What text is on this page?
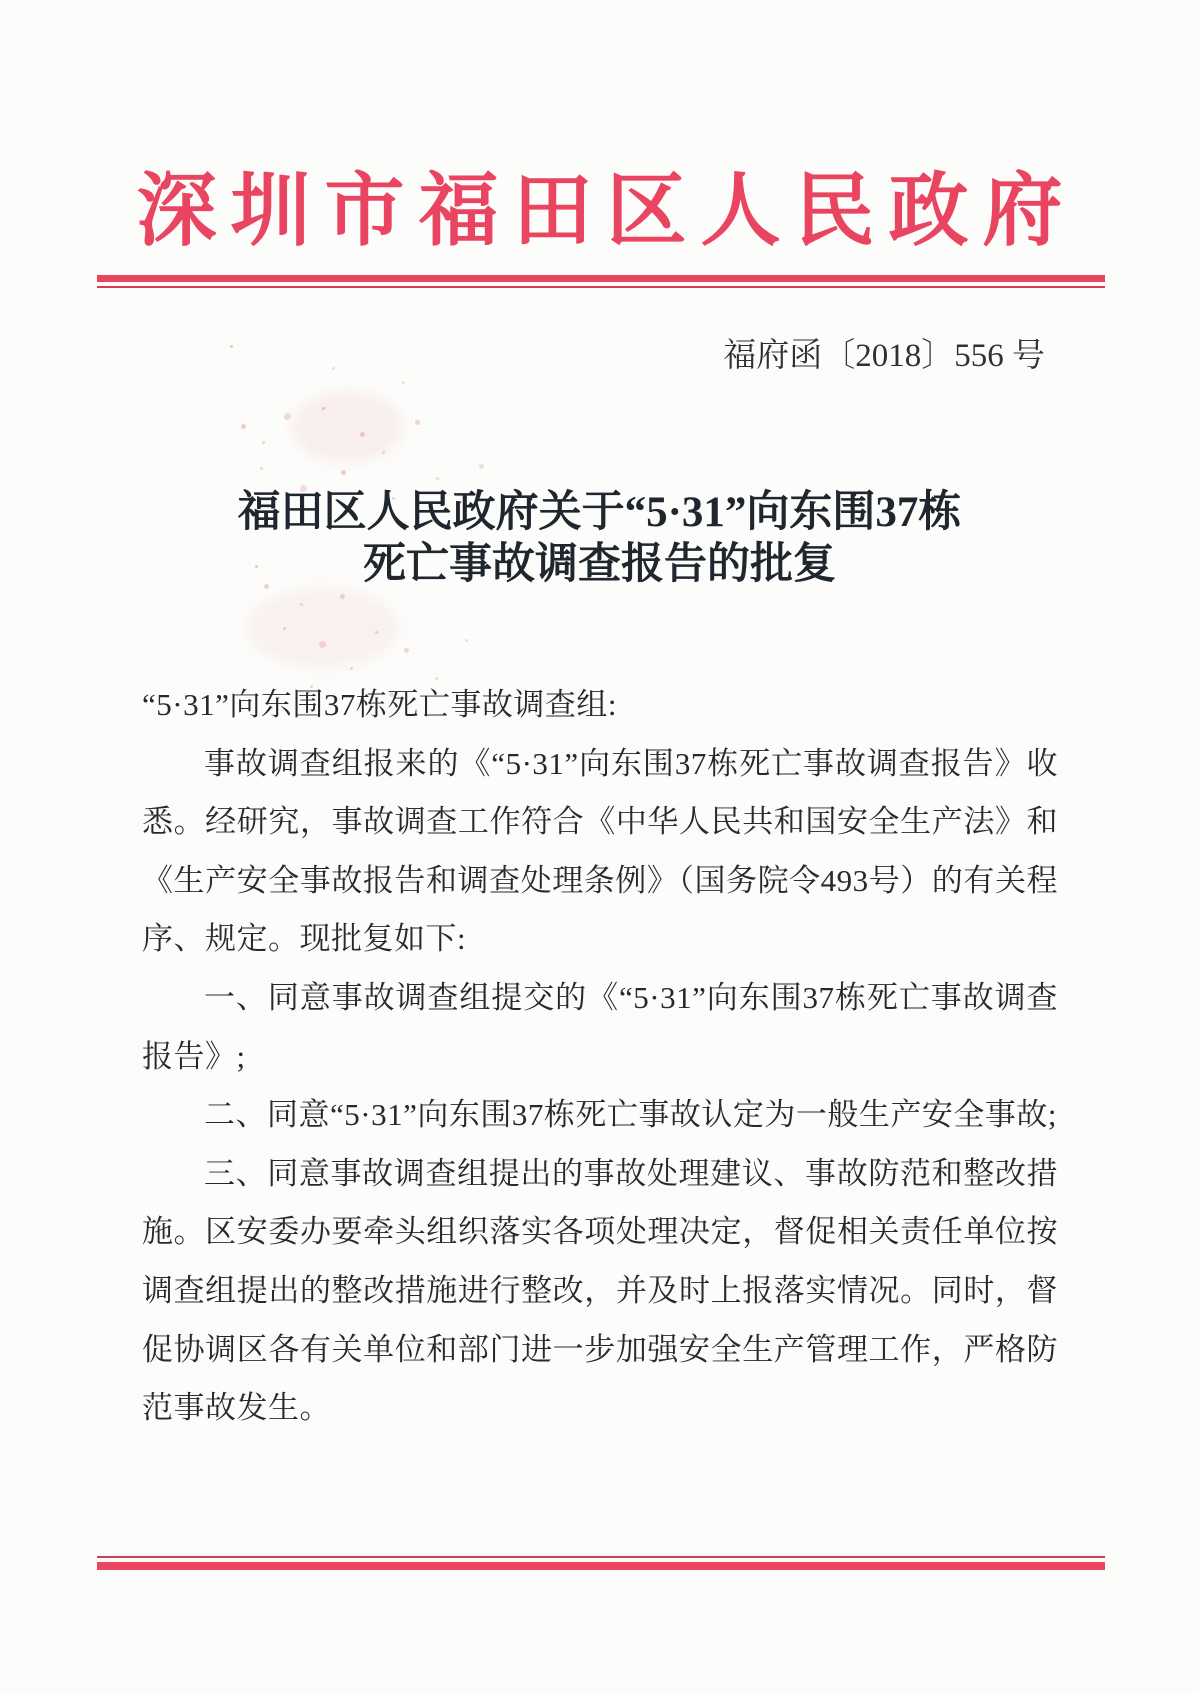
深圳市福田区人民政府
福府函〔2018〕556 号
福田区人民政府关于“5·31”向东围37栋
死亡事故调查报告的批复

“5·31”向东围37栋死亡事故调查组:

事故调查组报来的《“5·31”向东围37栋死亡事故调查报告》收悉。经研究，事故调查工作符合《中华人民共和国安全生产法》和《生产安全事故报告和调查处理条例》（国务院令493号）的有关程序、规定。现批复如下:

一、同意事故调查组提交的《“5·31”向东围37栋死亡事故调查报告》;

二、同意“5·31”向东围37栋死亡事故认定为一般生产安全事故;

三、同意事故调查组提出的事故处理建议、事故防范和整改措施。区安委办要牵头组织落实各项处理决定，督促相关责任单位按调查组提出的整改措施进行整改，并及时上报落实情况。同时，督促协调区各有关单位和部门进一步加强安全生产管理工作，严格防范事故发生。
